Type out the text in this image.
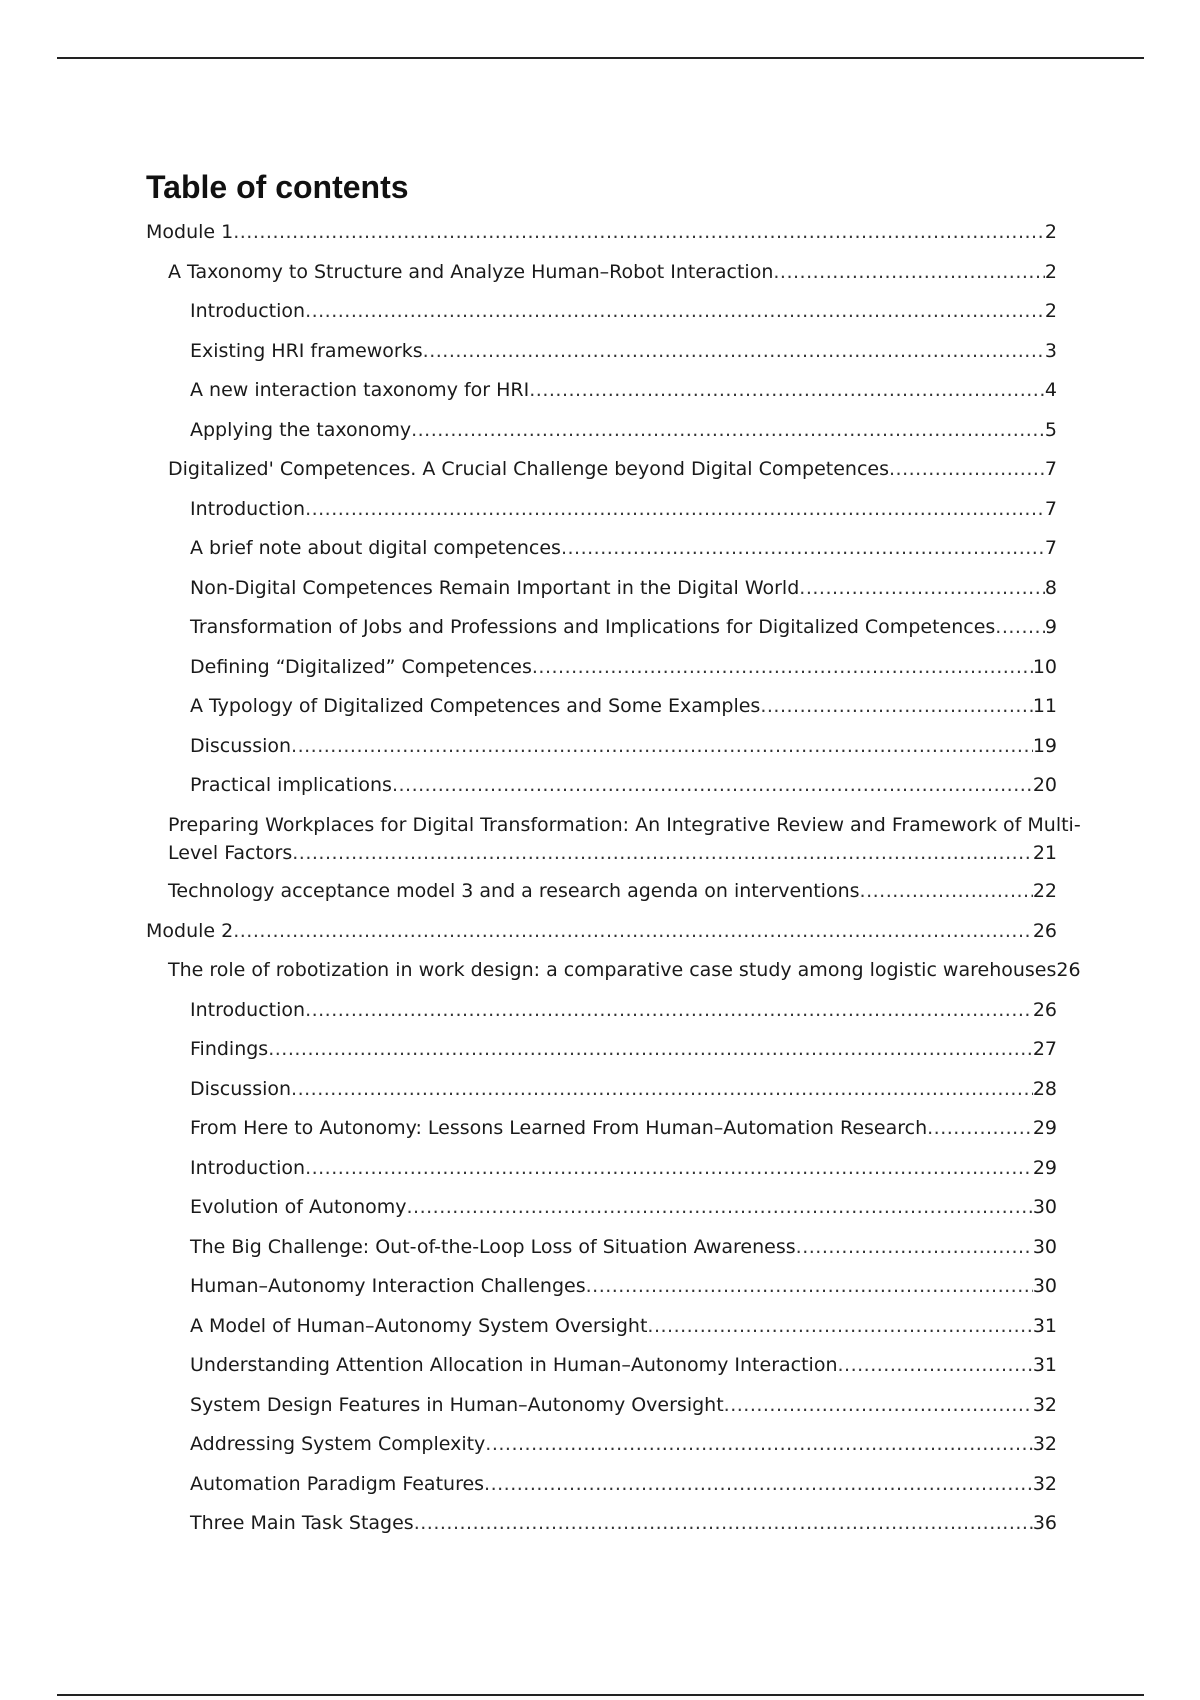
Table of contents
Module 1 .....	2
A Taxonomy to Structure and Analyze Human–Robot Interaction .....	2
Introduction .....	2
Existing HRI frameworks .....	3
A new interaction taxonomy for HRI .....	4
Applying the taxonomy .....	5
Digitalized' Competences. A Crucial Challenge beyond Digital Competences .....	7
Introduction .....	7
A brief note about digital competences .....	7
Non-Digital Competences Remain Important in the Digital World .....	8
Transformation of Jobs and Professions and Implications for Digitalized Competences .....	9
Defining “Digitalized” Competences .....	10
A Typology of Digitalized Competences and Some Examples .....	11
Discussion .....	19
Practical implications .....	20
Preparing Workplaces for Digital Transformation: An Integrative Review and Framework of Multi-
Level Factors .....	21
Technology acceptance model 3 and a research agenda on interventions .....	22
Module 2 .....	26
The role of robotization in work design: a comparative case study among logistic warehouses 26
Introduction .....	26
Findings .....	27
Discussion .....	28
From Here to Autonomy: Lessons Learned From Human–Automation Research .....	29
Introduction .....	29
Evolution of Autonomy .....	30
The Big Challenge: Out-of-the-Loop Loss of Situation Awareness .....	30
Human–Autonomy Interaction Challenges .....	30
A Model of Human–Autonomy System Oversight .....	31
Understanding Attention Allocation in Human–Autonomy Interaction .....	31
System Design Features in Human–Autonomy Oversight .....	32
Addressing System Complexity .....	32
Automation Paradigm Features .....	32
Three Main Task Stages .....	36
